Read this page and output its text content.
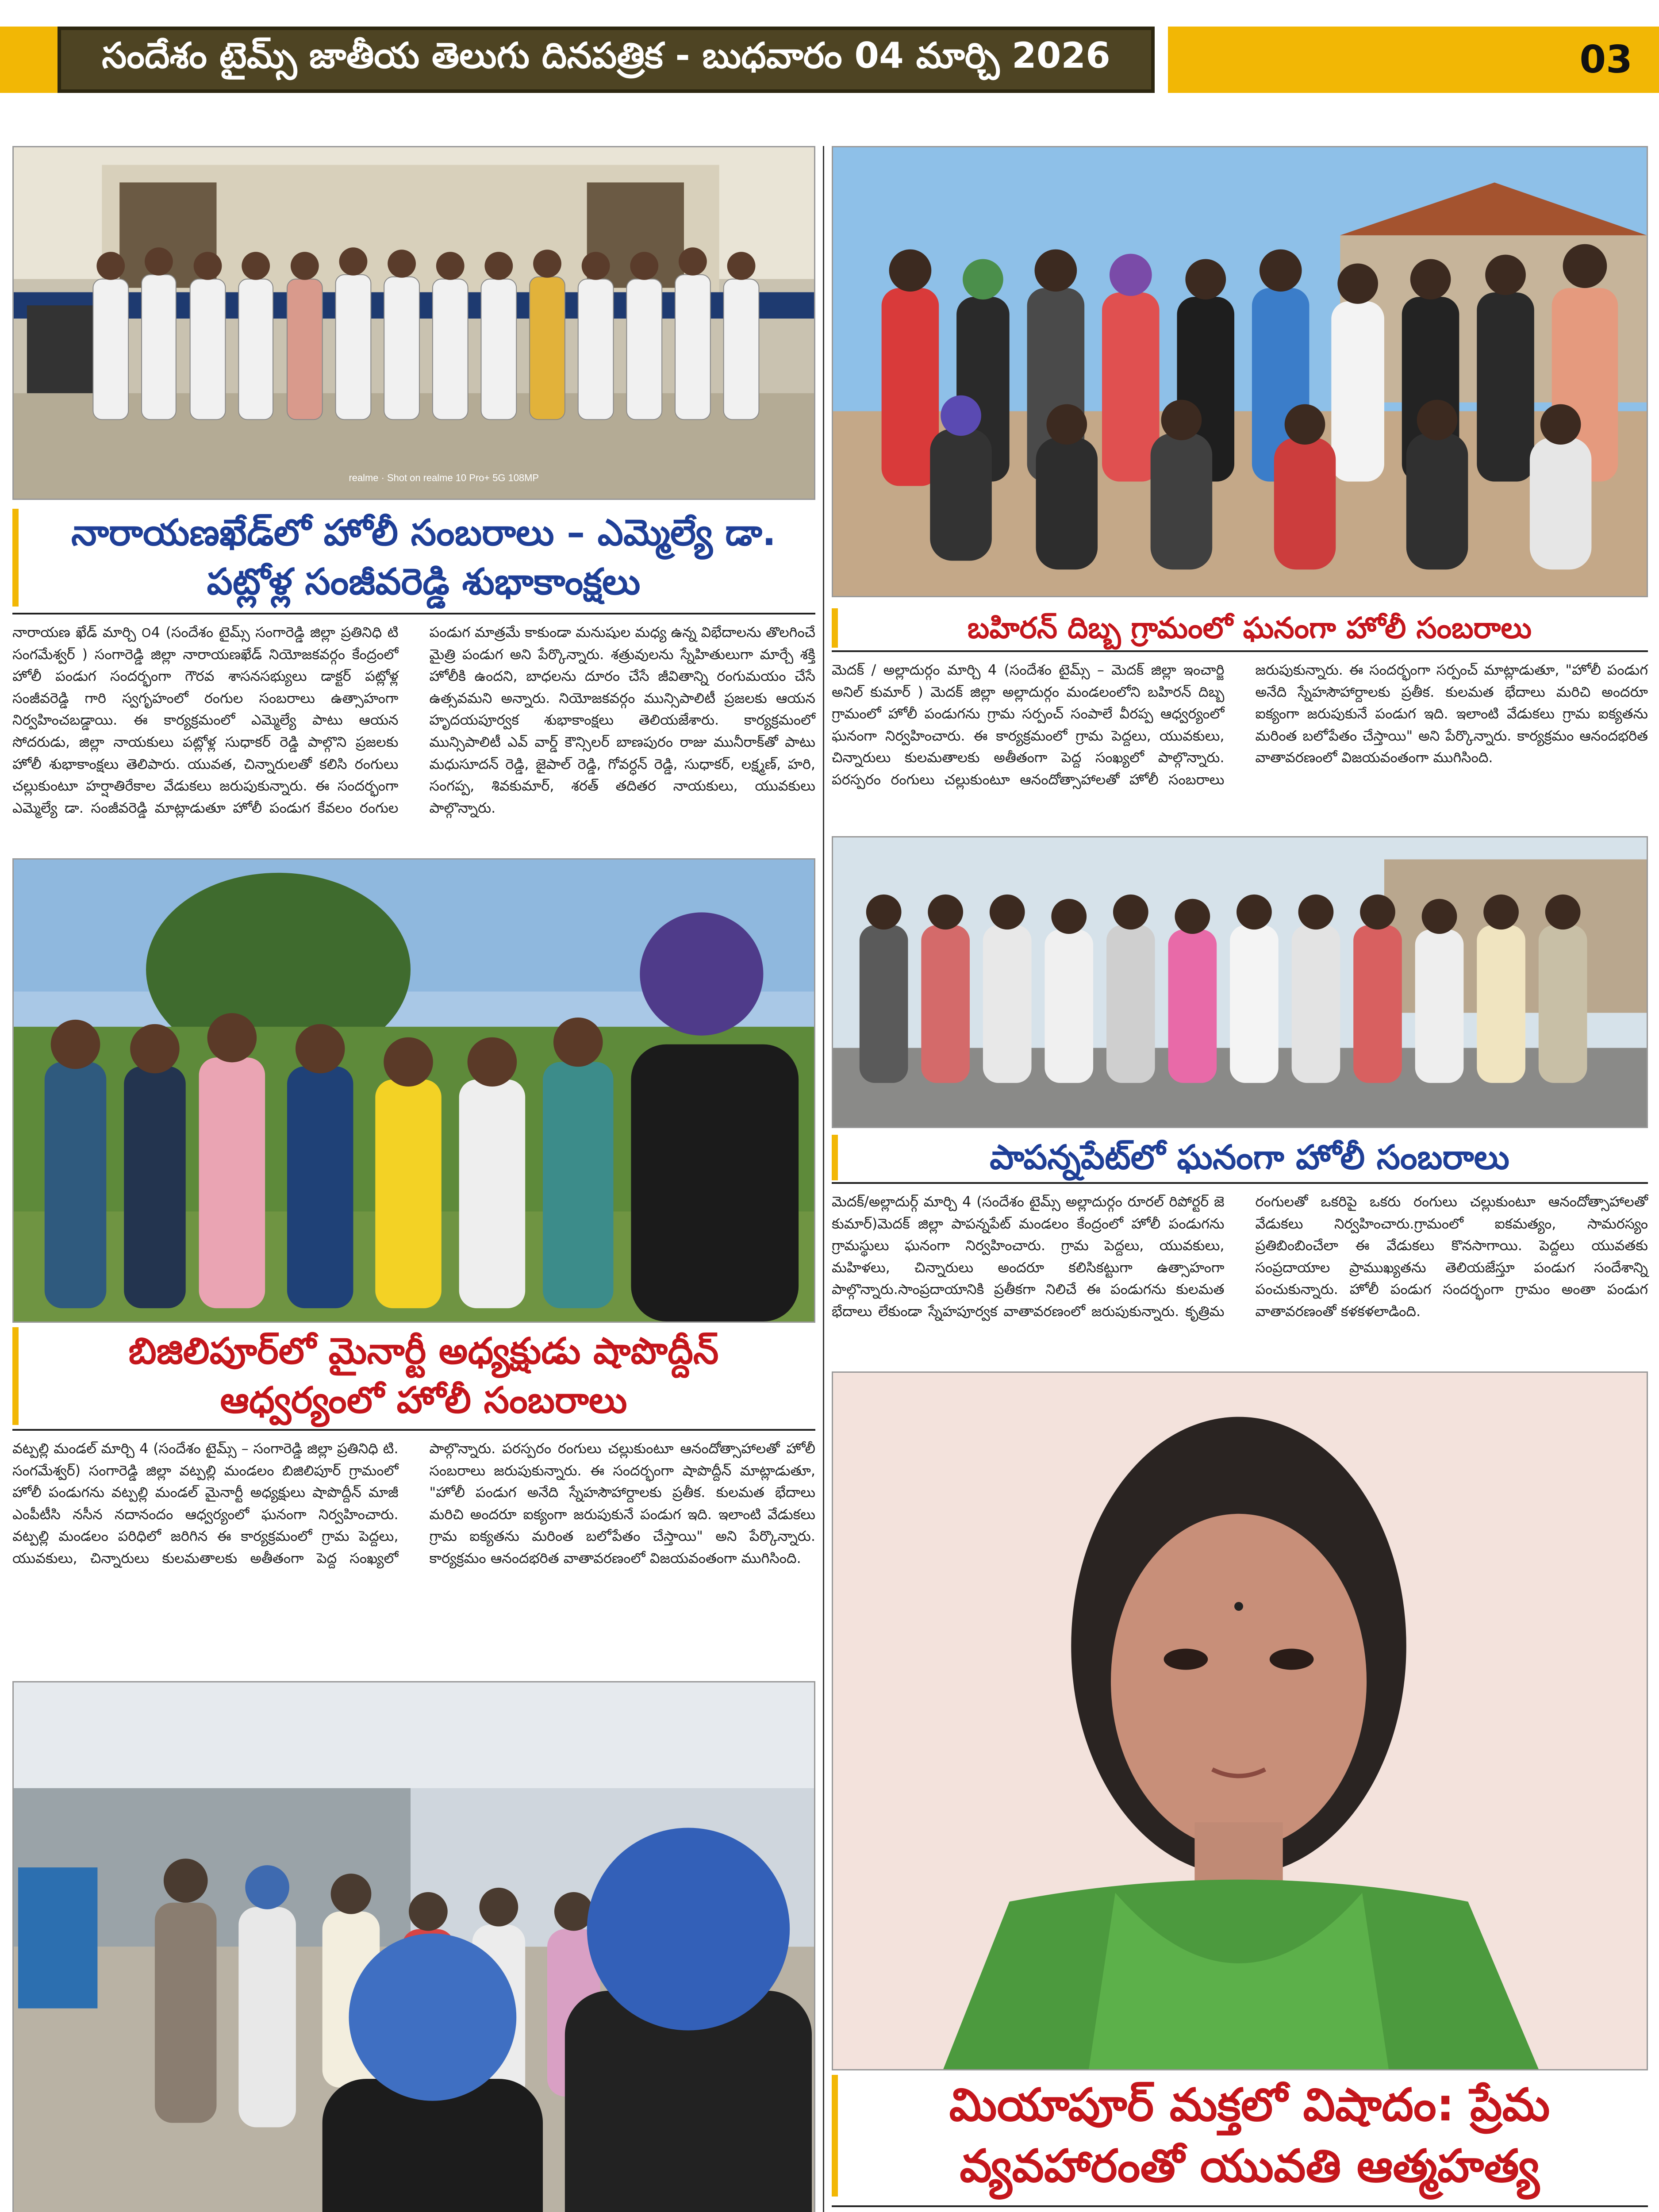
సందేశం టైమ్స్ జాతీయ తెలుగు దినపత్రిక - బుధవారం 04 మార్చి 2026	03
realme · Shot on realme 10 Pro+ 5G 108MP
నారాయణఖేడ్‌లో హోలీ సంబరాలు – ఎమ్మెల్యే డా.
పట్లోళ్ల సంజీవరెడ్డి శుభాకాంక్షలు
నారాయణ ఖేడ్ మార్చి ౦4 (సందేశం టైమ్స్ సంగారెడ్డి జిల్లా ప్రతినిధి టి సంగమేశ్వర్ ) సంగారెడ్డి జిల్లా నారాయణఖేడ్ నియోజకవర్గం కేంద్రంలో హోలీ పండుగ సందర్భంగా గౌరవ శాసనసభ్యులు డాక్టర్ పట్లోళ్ల సంజీవరెడ్డి గారి స్వగృహంలో రంగుల సంబరాలు ఉత్సాహంగా నిర్వహించబడ్డాయి. ఈ కార్యక్రమంలో ఎమ్మెల్యే పాటు ఆయన సోదరుడు, జిల్లా నాయకులు పట్లోళ్ల సుధాకర్ రెడ్డి పాల్గొని ప్రజలకు హోలీ శుభాకాంక్షలు తెలిపారు. యువత, చిన్నారులతో కలిసి రంగులు చల్లుకుంటూ హర్షాతిరేకాల వేడుకలు జరుపుకున్నారు. ఈ సందర్భంగా ఎమ్మెల్యే డా. సంజీవరెడ్డి మాట్లాడుతూ హోలీ పండుగ కేవలం రంగుల పండుగ మాత్రమే కాకుండా మనుషుల మధ్య ఉన్న విభేదాలను తొలగించే మైత్రి పండుగ అని పేర్కొన్నారు. శత్రువులను స్నేహితులుగా మార్చే శక్తి హోలీకి ఉందని, బాధలను దూరం చేసే జీవితాన్ని రంగుమయం చేసే ఉత్సవమని అన్నారు. నియోజకవర్గం మున్సిపాలిటీ ప్రజలకు ఆయన హృదయపూర్వక శుభాకాంక్షలు తెలియజేశారు. కార్యక్రమంలో మున్సిపాలిటీ ఎవ్ వార్డ్ కౌన్సిలర్ బాణపురం రాజు మునీరాక్‌తో పాటు మధుసూదన్ రెడ్డి, జైపాల్ రెడ్డి, గోవర్ధన్ రెడ్డి, సుధాకర్, లక్ష్మణ్, హరి, సంగప్ప, శివకుమార్, శరత్ తదితర నాయకులు, యువకులు పాల్గొన్నారు.
బిజిలిపూర్‌లో మైనార్టీ అధ్యక్షుడు షాపొద్దీన్
ఆధ్వర్యంలో హోలీ సంబరాలు
వట్పల్లి మండల్ మార్చి 4 (సందేశం టైమ్స్ – సంగారెడ్డి జిల్లా ప్రతినిధి టి. సంగమేశ్వర్) సంగారెడ్డి జిల్లా వట్పల్లి మండలం బిజిలిపూర్ గ్రామంలో హోలీ పండుగను వట్పల్లి మండల్ మైనార్టీ అధ్యక్షులు షాపొద్దీన్ మాజీ ఎంపీటీసి నసీన నదానందం ఆధ్వర్యంలో ఘనంగా నిర్వహించారు. వట్పల్లి మండలం పరిధిలో జరిగిన ఈ కార్యక్రమంలో గ్రామ పెద్దలు, యువకులు, చిన్నారులు కులమతాలకు అతీతంగా పెద్ద సంఖ్యలో పాల్గొన్నారు. పరస్పరం రంగులు చల్లుకుంటూ ఆనందోత్సాహాలతో హోలీ సంబరాలు జరుపుకున్నారు. ఈ సందర్భంగా షాపొద్దీన్ మాట్లాడుతూ, "హోలీ పండుగ అనేది స్నేహసౌహార్దాలకు ప్రతీక. కులమత భేదాలు మరిచి అందరూ ఐక్యంగా జరుపుకునే పండుగ ఇది. ఇలాంటి వేడుకలు గ్రామ ఐక్యతను మరింత బలోపేతం చేస్తాయి" అని పేర్కొన్నారు. కార్యక్రమం ఆనందభరిత వాతావరణంలో విజయవంతంగా ముగిసింది.
బహిరన్ దిబ్బ గ్రామంలో ఘనంగా హోలీ సంబరాలు
మెదక్ / అల్లాదుర్గం మార్చి 4 (సందేశం టైమ్స్ – మెదక్ జిల్లా ఇంచార్జి అనిల్ కుమార్ ) మెదక్ జిల్లా అల్లాదుర్గం మండలంలోని బహిరన్ దిబ్బ గ్రామంలో హోలీ పండుగను గ్రామ సర్పంచ్ సంపాలే వీరప్ప ఆధ్వర్యంలో ఘనంగా నిర్వహించారు. ఈ కార్యక్రమంలో గ్రామ పెద్దలు, యువకులు, చిన్నారులు కులమతాలకు అతీతంగా పెద్ద సంఖ్యలో పాల్గొన్నారు. పరస్పరం రంగులు చల్లుకుంటూ ఆనందోత్సాహాలతో హోలీ సంబరాలు జరుపుకున్నారు. ఈ సందర్భంగా సర్పంచ్ మాట్లాడుతూ, "హోలీ పండుగ అనేది స్నేహసౌహార్దాలకు ప్రతీక. కులమత భేదాలు మరిచి అందరూ ఐక్యంగా జరుపుకునే పండుగ ఇది. ఇలాంటి వేడుకలు గ్రామ ఐక్యతను మరింత బలోపేతం చేస్తాయి" అని పేర్కొన్నారు. కార్యక్రమం ఆనందభరిత వాతావరణంలో విజయవంతంగా ముగిసింది.
పాపన్నపేట్‌లో ఘనంగా హోలీ సంబరాలు
మెదక్/అల్లాదుర్గ్ మార్చి 4 (సందేశం టైమ్స్ అల్లాదుర్గం రూరల్ రిపోర్టర్ జె కుమార్)మెదక్ జిల్లా పాపన్నపేట్ మండలం కేంద్రంలో హోలీ పండుగను గ్రామస్థులు ఘనంగా నిర్వహించారు. గ్రామ పెద్దలు, యువకులు, మహిళలు, చిన్నారులు అందరూ కలిసికట్టుగా ఉత్సాహంగా పాల్గొన్నారు.సాంప్రదాయానికి ప్రతీకగా నిలిచే ఈ పండుగను కులమత భేదాలు లేకుండా స్నేహపూర్వక వాతావరణంలో జరుపుకున్నారు. కృత్రిమ రంగులతో ఒకరిపై ఒకరు రంగులు చల్లుకుంటూ ఆనందోత్సాహాలతో వేడుకలు నిర్వహించారు.గ్రామంలో ఐకమత్యం, సామరస్యం ప్రతిబింబించేలా ఈ వేడుకలు కొనసాగాయి. పెద్దలు యువతకు సంప్రదాయాల ప్రాముఖ్యతను తెలియజేస్తూ పండుగ సందేశాన్ని పంచుకున్నారు. హోలీ పండుగ సందర్భంగా గ్రామం అంతా పండుగ వాతావరణంతో కళకళలాడింది.
మియాపూర్ మక్తలో విషాదం: ప్రేమ
వ్యవహారంతో యువతి ఆత్మహత్య
